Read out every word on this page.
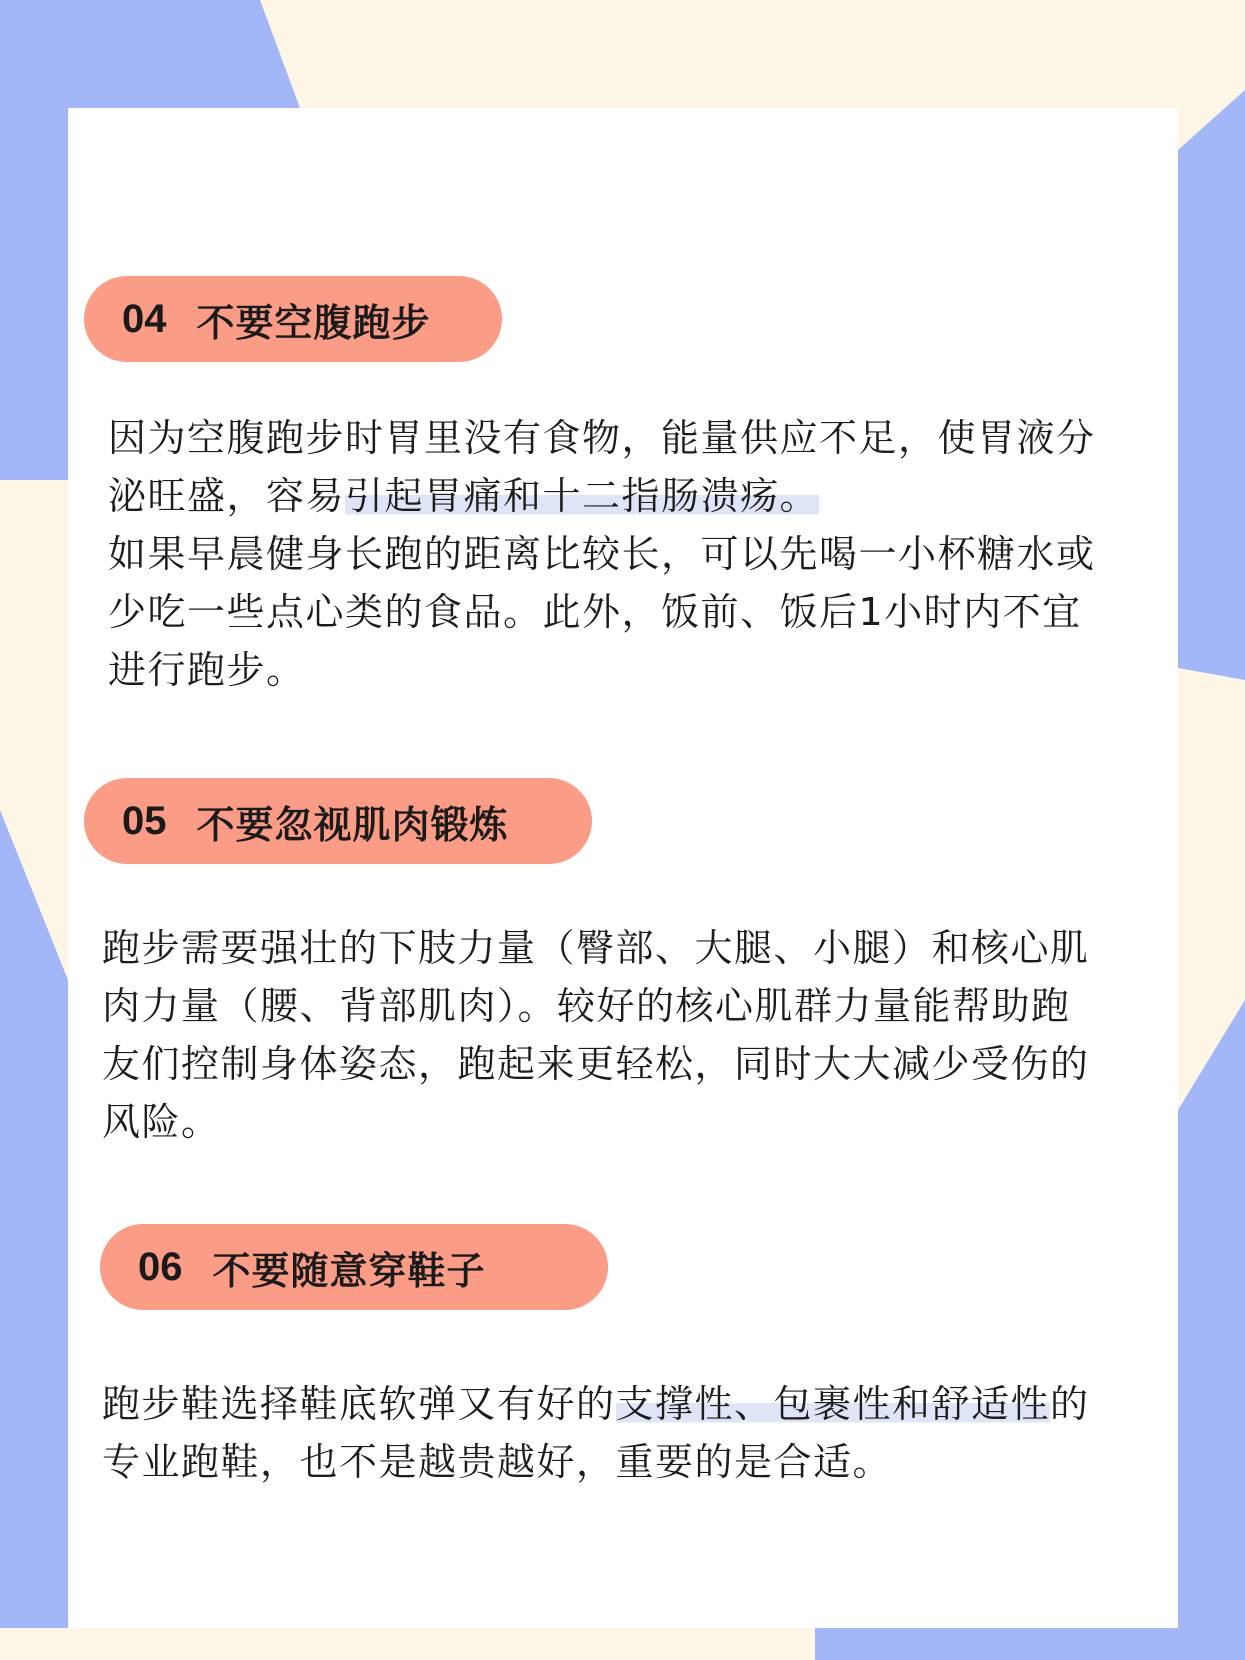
04 不要空腹跑步

因为空腹跑步时胃里没有食物，能量供应不足，使胃液分泌旺盛，容易引起胃痛和十二指肠溃疡。

如果早晨健身长跑的距离比较长，可以先喝一小杯糖水或少吃一些点心类的食品。此外，饭前、饭后1小时内不宜进行跑步。

05 不要忽视肌肉锻炼

跑步需要强壮的下肢力量（臀部、大腿、小腿）和核心肌肉力量（腰、背部肌肉）。较好的核心肌群力量能帮助跑友们控制身体姿态，跑起来更轻松，同时大大减少受伤的风险。

06 不要随意穿鞋子

跑步鞋选择鞋底软弹又有好的支撑性、包裹性和舒适性的专业跑鞋，也不是越贵越好，重要的是合适。
